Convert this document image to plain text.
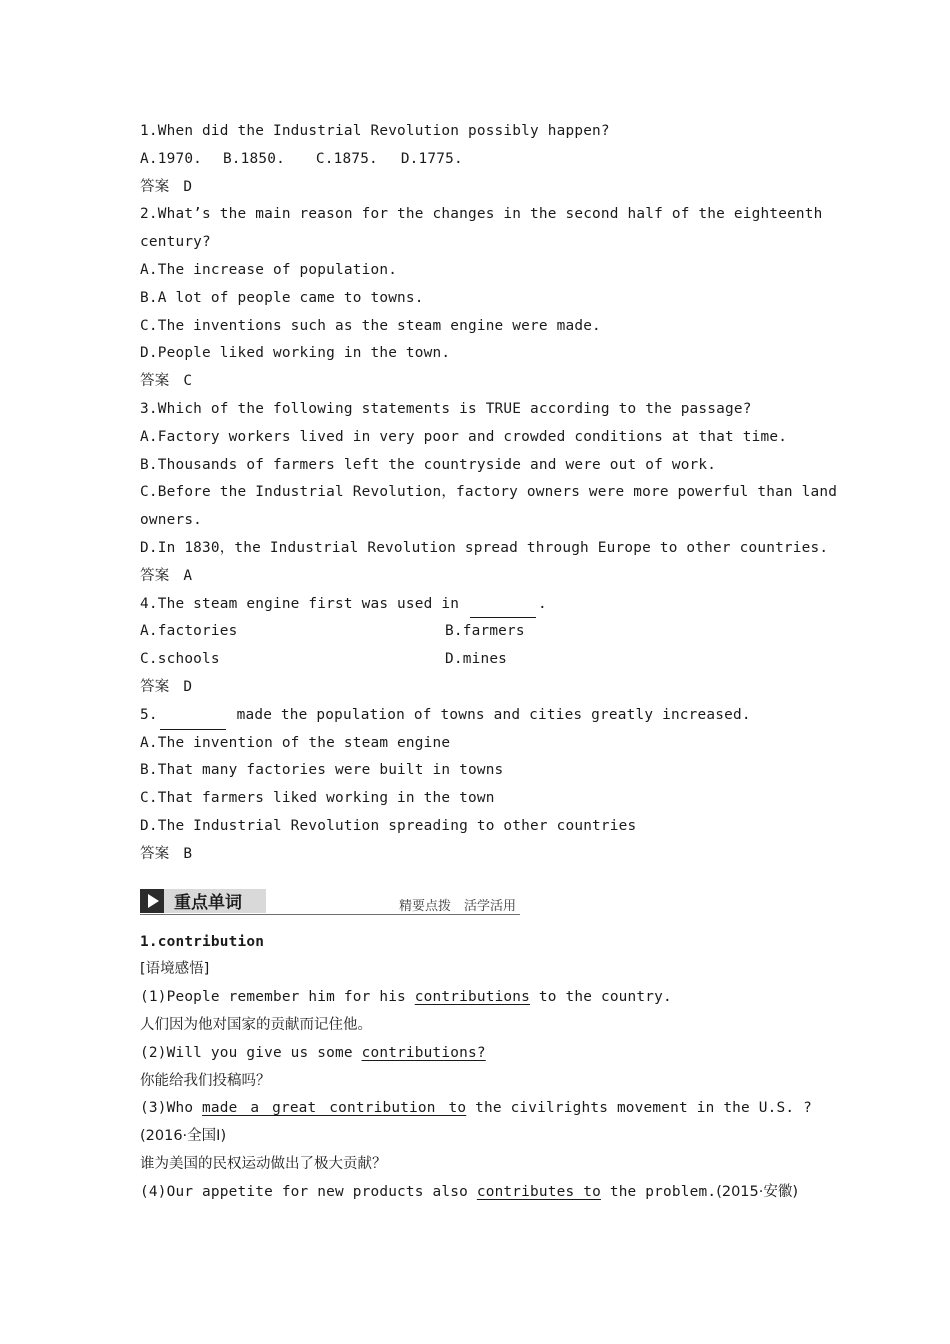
1.When did the Industrial Revolution possibly happen?
A.1970. B.1850. C.1875. D.1775.
答案 D
2.What’s the main reason for the changes in the second half of the eighteenth
century?
A.The increase of population.
B.A lot of people came to towns.
C.The inventions such as the steam engine were made.
D.People liked working in the town.
答案 C
3.Which of the following statements is TRUE according to the passage?
A.Factory workers lived in very poor and crowded conditions at that time.
B.Thousands of farmers left the countryside and were out of work.
C.Before the Industrial Revolution，factory owners were more powerful than land
owners.
D.In 1830，the Industrial Revolution spread through Europe to other countries.
答案 A
4.The steam engine first was used in	.
A.factories	B.farmers
C.schools	D.mines
答案 D
5.	made the population of towns and cities greatly increased.
A.The invention of the steam engine
B.That many factories were built in towns
C.That farmers liked working in the town
D.The Industrial Revolution spreading to other countries
答案 B
重点单词	精要点拨　活学活用
1.contribution
[语境感悟]
(1)People remember him for his contributions to the country.
人们因为他对国家的贡献而记住他。
(2)Will you give us some contributions?
你能给我们投稿吗？
(3)Who made a great contribution to the civilrights movement in the U.S. ?
(2016·全国Ⅰ)
谁为美国的民权运动做出了极大贡献？
(4)Our appetite for new products also contributes to the problem.(2015·安徽)
